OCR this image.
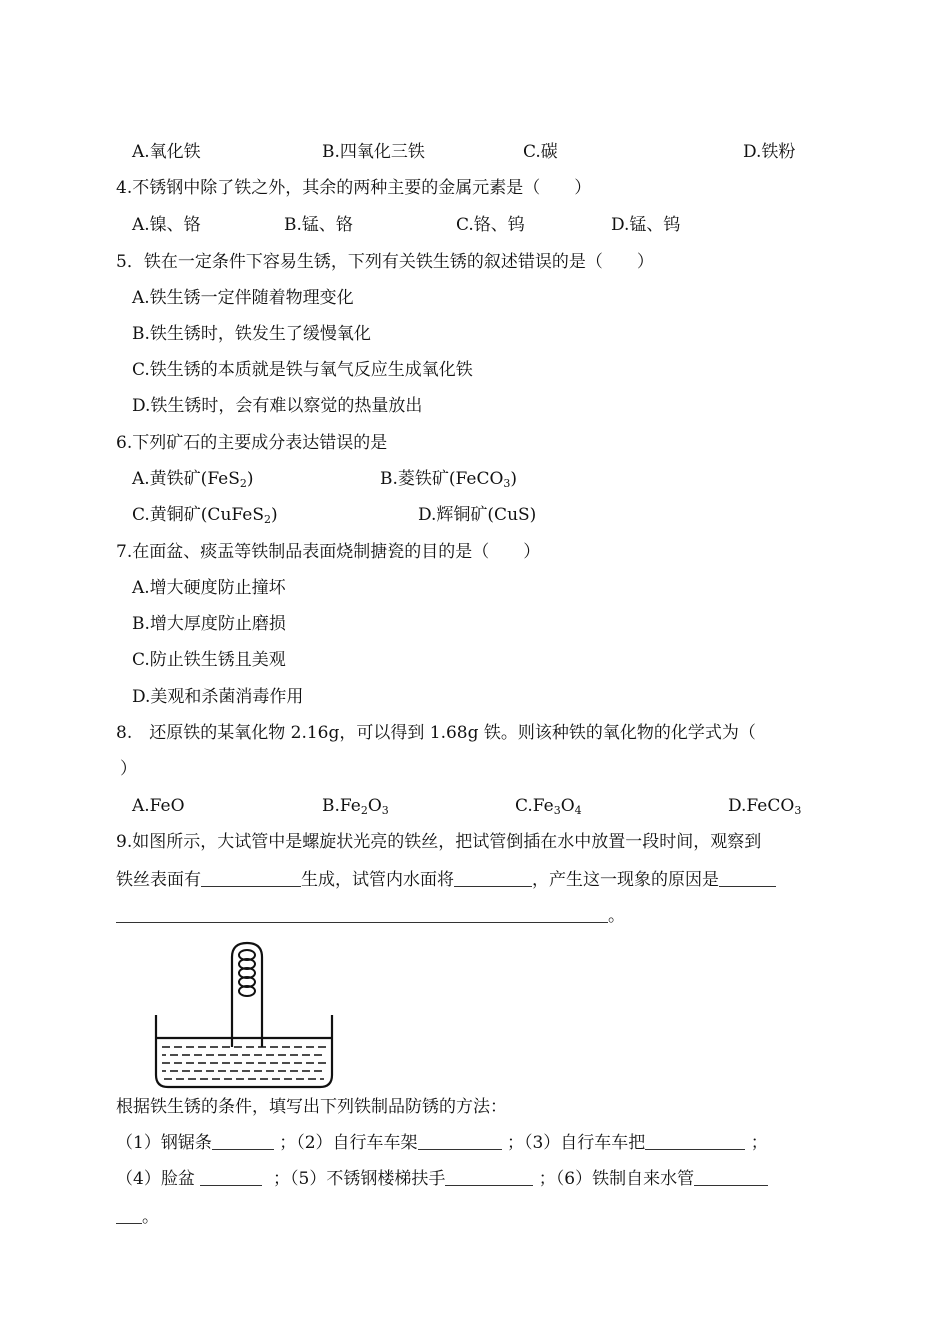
A.氧化铁	B.四氧化三铁	C.碳	D.铁粉
4.不锈钢中除了铁之外，其余的两种主要的金属元素是（　　）
A.镍、铬	B.锰、铬	C.铬、钨	D.锰、钨
5．铁在一定条件下容易生锈，下列有关铁生锈的叙述错误的是（　　）
A.铁生锈一定伴随着物理变化
B.铁生锈时，铁发生了缓慢氧化
C.铁生锈的本质就是铁与氧气反应生成氧化铁
D.铁生锈时，会有难以察觉的热量放出
6.下列矿石的主要成分表达错误的是
A.黄铁矿(FeS$_2$)	B.菱铁矿(FeCO$_3$)
C.黄铜矿(CuFeS$_2$)	D.辉铜矿(CuS)
7.在面盆、痰盂等铁制品表面烧制搪瓷的目的是（　　）
A.增大硬度防止撞坏
B.增大厚度防止磨损
C.防止铁生锈且美观
D.美观和杀菌消毒作用
8.　还原铁的某氧化物 2.16g，可以得到 1.68g 铁。则该种铁的氧化物的化学式为（
）
A.FeO	$B.Fe_2O_3$	$C.Fe_3O_4$	D.FeCO$_3$
9.如图所示，大试管中是螺旋状光亮的铁丝，把试管倒插在水中放置一段时间，观察到
铁丝表面有	生成，试管内水面将	，产生这一现象的原因是
。
根据铁生锈的条件，填写出下列铁制品防锈的方法：
（1）钢锯条	；（2）自行车车架	；（3）自行车车把	；
（4）脸盆	；（5）不锈钢楼梯扶手	；（6）铁制自来水管
。
